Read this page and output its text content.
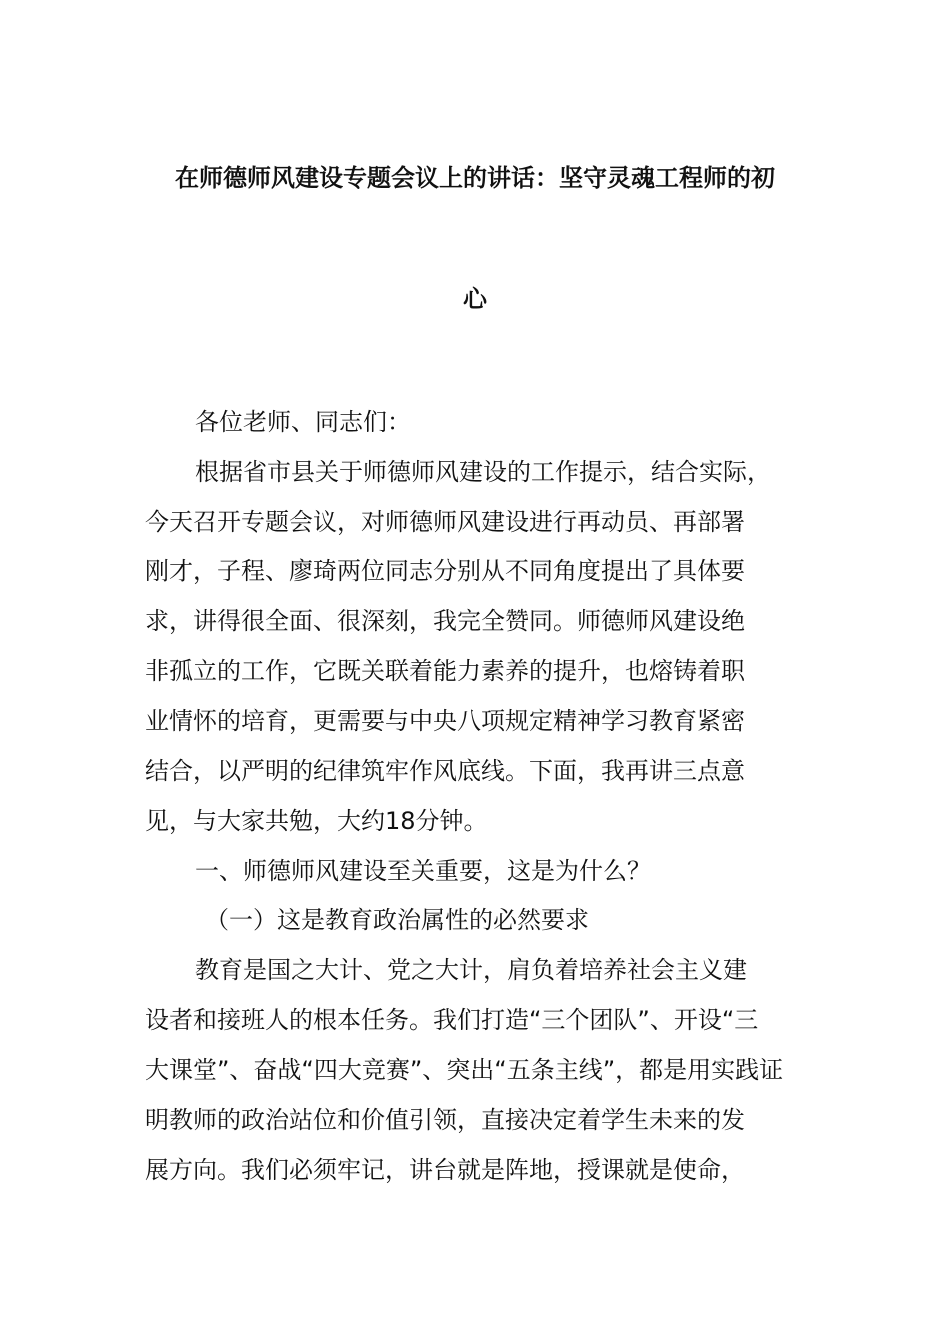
在师德师风建设专题会议上的讲话：坚守灵魂工程师的初
心

各位老师、同志们：

根据省市县关于师德师风建设的工作提示，结合实际，

今天召开专题会议，对师德师风建设进行再动员、再部署

刚才，子程、廖琦两位同志分别从不同角度提出了具体要

求，讲得很全面、很深刻，我完全赞同。师德师风建设绝

非孤立的工作，它既关联着能力素养的提升，也熔铸着职

业情怀的培育，更需要与中央八项规定精神学习教育紧密

结合，以严明的纪律筑牢作风底线。下面，我再讲三点意

见，与大家共勉，大约18分钟。

一、师德师风建设至关重要，这是为什么？

（一）这是教育政治属性的必然要求

教育是国之大计、党之大计，肩负着培养社会主义建

设者和接班人的根本任务。我们打造“三个团队”、开设“三

大课堂”、奋战“四大竞赛”、突出“五条主线”，都是用实践证

明教师的政治站位和价值引领，直接决定着学生未来的发

展方向。我们必须牢记，讲台就是阵地，授课就是使命，
